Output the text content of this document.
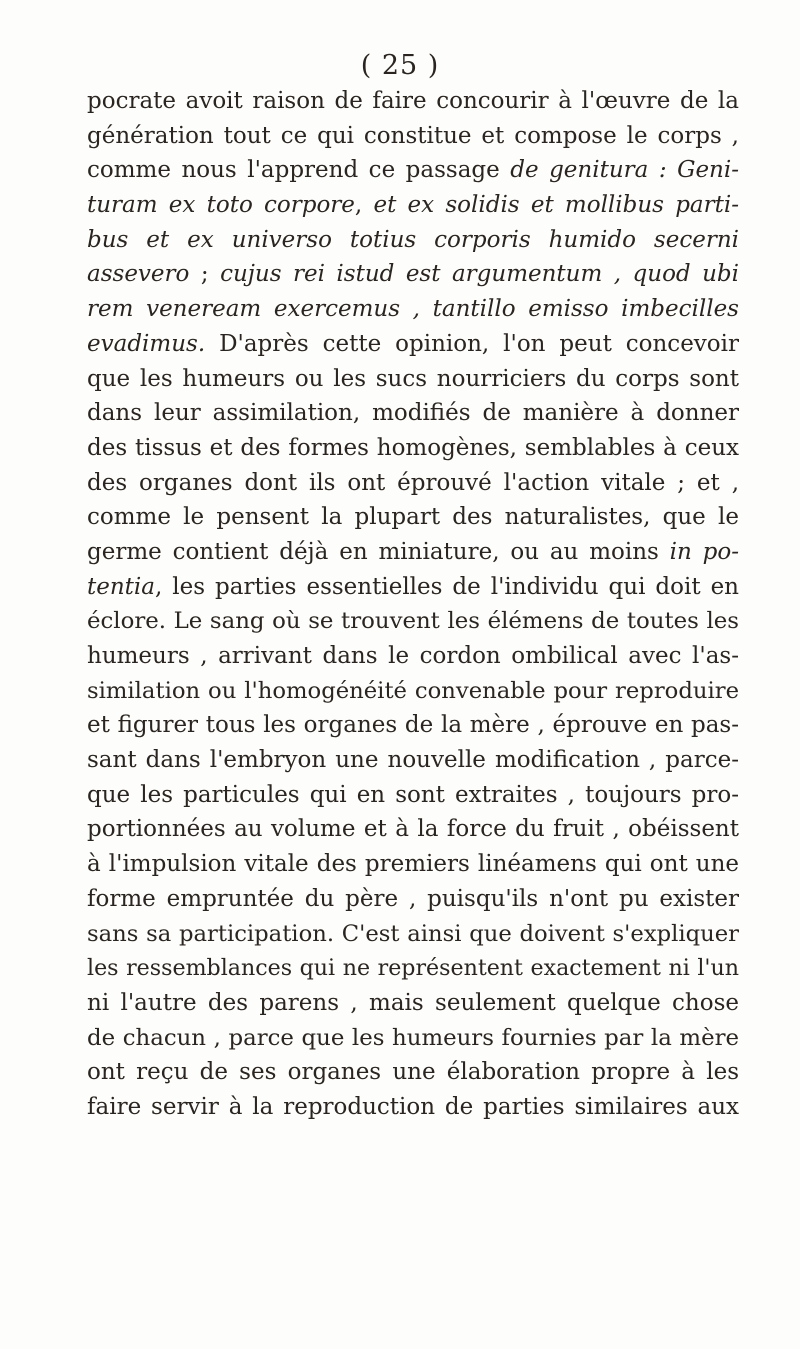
( 25 )
pocrate avoit raison de faire concourir à l'œuvre de la
génération tout ce qui constitue et compose le corps ,
comme nous l'apprend ce passage de genitura : Geni-
turam ex toto corpore, et ex solidis et mollibus parti-
bus et ex universo totius corporis humido secerni
assevero ; cujus rei istud est argumentum , quod ubi
rem veneream exercemus , tantillo emisso imbecilles
evadimus. D'après cette opinion, l'on peut concevoir
que les humeurs ou les sucs nourriciers du corps sont
dans leur assimilation, modifiés de manière à donner
des tissus et des formes homogènes, semblables à ceux
des organes dont ils ont éprouvé l'action vitale ; et ,
comme le pensent la plupart des naturalistes, que le
germe contient déjà en miniature, ou au moins in po-
tentia, les parties essentielles de l'individu qui doit en
éclore. Le sang où se trouvent les élémens de toutes les
humeurs , arrivant dans le cordon ombilical avec l'as-
similation ou l'homogénéité convenable pour reproduire
et figurer tous les organes de la mère , éprouve en pas-
sant dans l'embryon une nouvelle modification , parce-
que les particules qui en sont extraites , toujours pro-
portionnées au volume et à la force du fruit , obéissent
à l'impulsion vitale des premiers linéamens qui ont une
forme empruntée du père , puisqu'ils n'ont pu exister
sans sa participation. C'est ainsi que doivent s'expliquer
les ressemblances qui ne représentent exactement ni l'un
ni l'autre des parens , mais seulement quelque chose
de chacun , parce que les humeurs fournies par la mère
ont reçu de ses organes une élaboration propre à les
faire servir à la reproduction de parties similaires aux
